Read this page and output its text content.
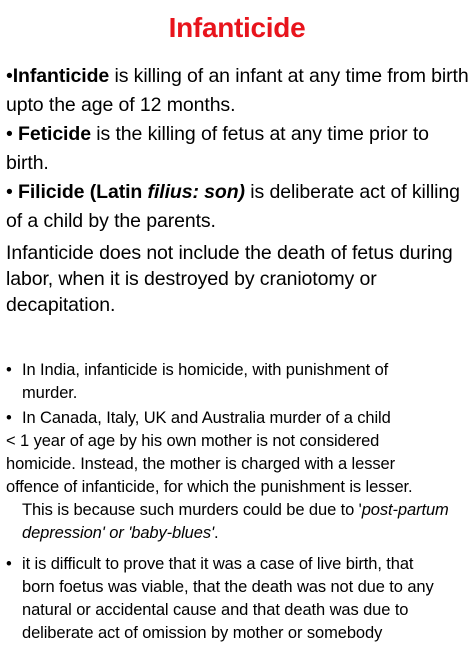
Infanticide
•Infanticide is killing of an infant at any time from birth upto the age of 12 months.
• Feticide is the killing of fetus at any time prior to birth.
• Filicide (Latin filius: son) is deliberate act of killing of a child by the parents.
Infanticide does not include the death of fetus during labor, when it is destroyed by craniotomy or decapitation.
• In India, infanticide is homicide, with punishment of
murder.
• In Canada, Italy, UK and Australia murder of a child
< 1 year of age by his own mother is not considered
homicide. Instead, the mother is charged with a lesser
offence of infanticide, for which the punishment is lesser.
This is because such murders could be due to 'post-partum
depression' or 'baby-blues'.
• it is difficult to prove that it was a case of live birth, that
born foetus was viable, that the death was not due to any
natural or accidental cause and that death was due to
deliberate act of omission by mother or somebody
